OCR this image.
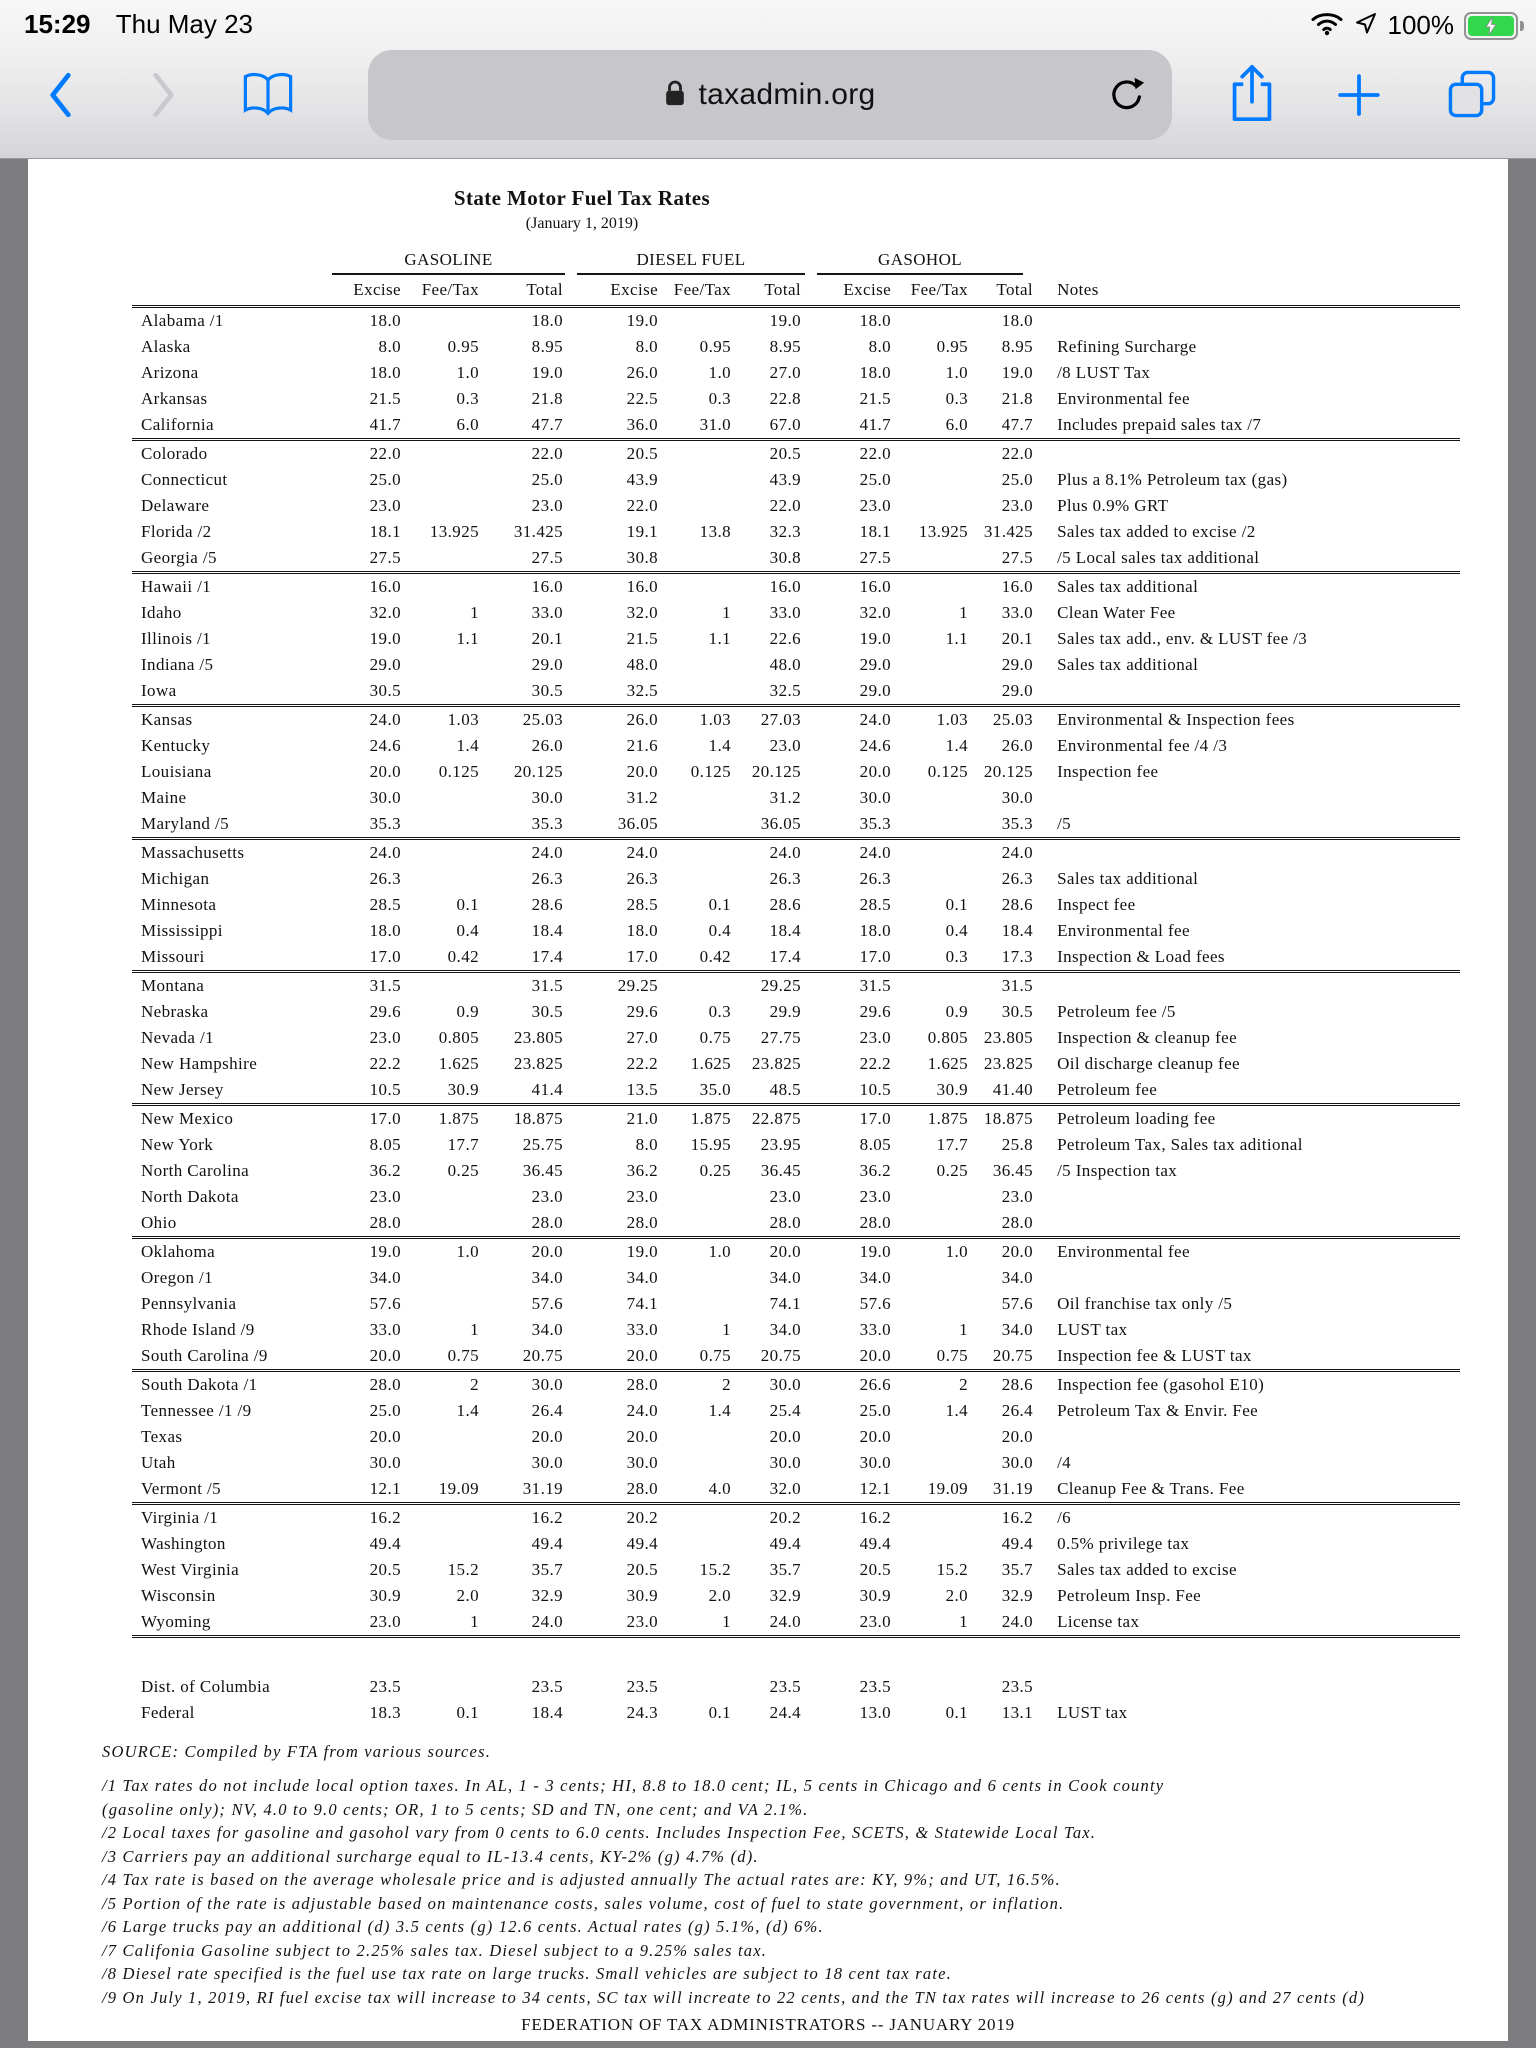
15:29 Thu May 23	100%
taxadmin.org
State Motor Fuel Tax Rates
(January 1, 2019)

	GASOLINE			DIESEL FUEL			GASOHOL			

	Excise	Fee/Tax	Total	Excise	Fee/Tax	Total	Excise	Fee/Tax	Total	Notes
Alabama /1	18.0		18.0	19.0		19.0	18.0		18.0	
Alaska	8.0	0.95	8.95	8.0	0.95	8.95	8.0	0.95	8.95	Refining Surcharge
Arizona	18.0	1.0	19.0	26.0	1.0	27.0	18.0	1.0	19.0	/8 LUST Tax
Arkansas	21.5	0.3	21.8	22.5	0.3	22.8	21.5	0.3	21.8	Environmental fee
California	41.7	6.0	47.7	36.0	31.0	67.0	41.7	6.0	47.7	Includes prepaid sales tax /7
Colorado	22.0		22.0	20.5		20.5	22.0		22.0	
Connecticut	25.0		25.0	43.9		43.9	25.0		25.0	Plus a 8.1% Petroleum tax (gas)
Delaware	23.0		23.0	22.0		22.0	23.0		23.0	Plus 0.9% GRT
Florida /2	18.1	13.925	31.425	19.1	13.8	32.3	18.1	13.925	31.425	Sales tax added to excise /2
Georgia /5	27.5		27.5	30.8		30.8	27.5		27.5	/5 Local sales tax additional
Hawaii /1	16.0		16.0	16.0		16.0	16.0		16.0	Sales tax additional
Idaho	32.0	1	33.0	32.0	1	33.0	32.0	1	33.0	Clean Water Fee
Illinois /1	19.0	1.1	20.1	21.5	1.1	22.6	19.0	1.1	20.1	Sales tax add., env. & LUST fee /3
Indiana /5	29.0		29.0	48.0		48.0	29.0		29.0	Sales tax additional
Iowa	30.5		30.5	32.5		32.5	29.0		29.0	
Kansas	24.0	1.03	25.03	26.0	1.03	27.03	24.0	1.03	25.03	Environmental & Inspection fees
Kentucky	24.6	1.4	26.0	21.6	1.4	23.0	24.6	1.4	26.0	Environmental fee /4 /3
Louisiana	20.0	0.125	20.125	20.0	0.125	20.125	20.0	0.125	20.125	Inspection fee
Maine	30.0		30.0	31.2		31.2	30.0		30.0	
Maryland /5	35.3		35.3	36.05		36.05	35.3		35.3	/5
Massachusetts	24.0		24.0	24.0		24.0	24.0		24.0	
Michigan	26.3		26.3	26.3		26.3	26.3		26.3	Sales tax additional
Minnesota	28.5	0.1	28.6	28.5	0.1	28.6	28.5	0.1	28.6	Inspect fee
Mississippi	18.0	0.4	18.4	18.0	0.4	18.4	18.0	0.4	18.4	Environmental fee
Missouri	17.0	0.42	17.4	17.0	0.42	17.4	17.0	0.3	17.3	Inspection & Load fees
Montana	31.5		31.5	29.25		29.25	31.5		31.5	
Nebraska	29.6	0.9	30.5	29.6	0.3	29.9	29.6	0.9	30.5	Petroleum fee /5
Nevada /1	23.0	0.805	23.805	27.0	0.75	27.75	23.0	0.805	23.805	Inspection & cleanup fee
New Hampshire	22.2	1.625	23.825	22.2	1.625	23.825	22.2	1.625	23.825	Oil discharge cleanup fee
New Jersey	10.5	30.9	41.4	13.5	35.0	48.5	10.5	30.9	41.40	Petroleum fee
New Mexico	17.0	1.875	18.875	21.0	1.875	22.875	17.0	1.875	18.875	Petroleum loading fee
New York	8.05	17.7	25.75	8.0	15.95	23.95	8.05	17.7	25.8	Petroleum Tax, Sales tax aditional
North Carolina	36.2	0.25	36.45	36.2	0.25	36.45	36.2	0.25	36.45	/5 Inspection tax
North Dakota	23.0		23.0	23.0		23.0	23.0		23.0	
Ohio	28.0		28.0	28.0		28.0	28.0		28.0	
Oklahoma	19.0	1.0	20.0	19.0	1.0	20.0	19.0	1.0	20.0	Environmental fee
Oregon /1	34.0		34.0	34.0		34.0	34.0		34.0	
Pennsylvania	57.6		57.6	74.1		74.1	57.6		57.6	Oil franchise tax only /5
Rhode Island /9	33.0	1	34.0	33.0	1	34.0	33.0	1	34.0	LUST tax
South Carolina /9	20.0	0.75	20.75	20.0	0.75	20.75	20.0	0.75	20.75	Inspection fee & LUST tax
South Dakota /1	28.0	2	30.0	28.0	2	30.0	26.6	2	28.6	Inspection fee (gasohol E10)
Tennessee /1 /9	25.0	1.4	26.4	24.0	1.4	25.4	25.0	1.4	26.4	Petroleum Tax & Envir. Fee
Texas	20.0		20.0	20.0		20.0	20.0		20.0	
Utah	30.0		30.0	30.0		30.0	30.0		30.0	/4
Vermont /5	12.1	19.09	31.19	28.0	4.0	32.0	12.1	19.09	31.19	Cleanup Fee & Trans. Fee
Virginia /1	16.2		16.2	20.2		20.2	16.2		16.2	/6
Washington	49.4		49.4	49.4		49.4	49.4		49.4	0.5% privilege tax
West Virginia	20.5	15.2	35.7	20.5	15.2	35.7	20.5	15.2	35.7	Sales tax added to excise
Wisconsin	30.9	2.0	32.9	30.9	2.0	32.9	30.9	2.0	32.9	Petroleum Insp. Fee
Wyoming	23.0	1	24.0	23.0	1	24.0	23.0	1	24.0	License tax

Dist. of Columbia	23.5		23.5	23.5		23.5	23.5		23.5	
Federal	18.3	0.1	18.4	24.3	0.1	24.4	13.0	0.1	13.1	LUST tax
SOURCE: Compiled by FTA from various sources.
/1 Tax rates do not include local option taxes. In AL, 1 - 3 cents; HI, 8.8 to 18.0 cent; IL, 5 cents in Chicago and 6 cents in Cook county
(gasoline only); NV, 4.0 to 9.0 cents; OR, 1 to 5 cents; SD and TN, one cent; and VA 2.1%.
/2 Local taxes for gasoline and gasohol vary from 0 cents to 6.0 cents. Includes Inspection Fee, SCETS, & Statewide Local Tax.
/3 Carriers pay an additional surcharge equal to IL-13.4 cents, KY-2% (g) 4.7% (d).
/4 Tax rate is based on the average wholesale price and is adjusted annually The actual rates are: KY, 9%; and UT, 16.5%.
/5 Portion of the rate is adjustable based on maintenance costs, sales volume, cost of fuel to state government, or inflation.
/6 Large trucks pay an additional (d) 3.5 cents (g) 12.6 cents. Actual rates (g) 5.1%, (d) 6%.
/7 Califonia Gasoline subject to 2.25% sales tax. Diesel subject to a 9.25% sales tax.
/8 Diesel rate specified is the fuel use tax rate on large trucks. Small vehicles are subject to 18 cent tax rate.
/9 On July 1, 2019, RI fuel excise tax will increase to 34 cents, SC tax will increate to 22 cents, and the TN tax rates will increase to 26 cents (g) and 27 cents (d)
FEDERATION OF TAX ADMINISTRATORS -- JANUARY 2019
